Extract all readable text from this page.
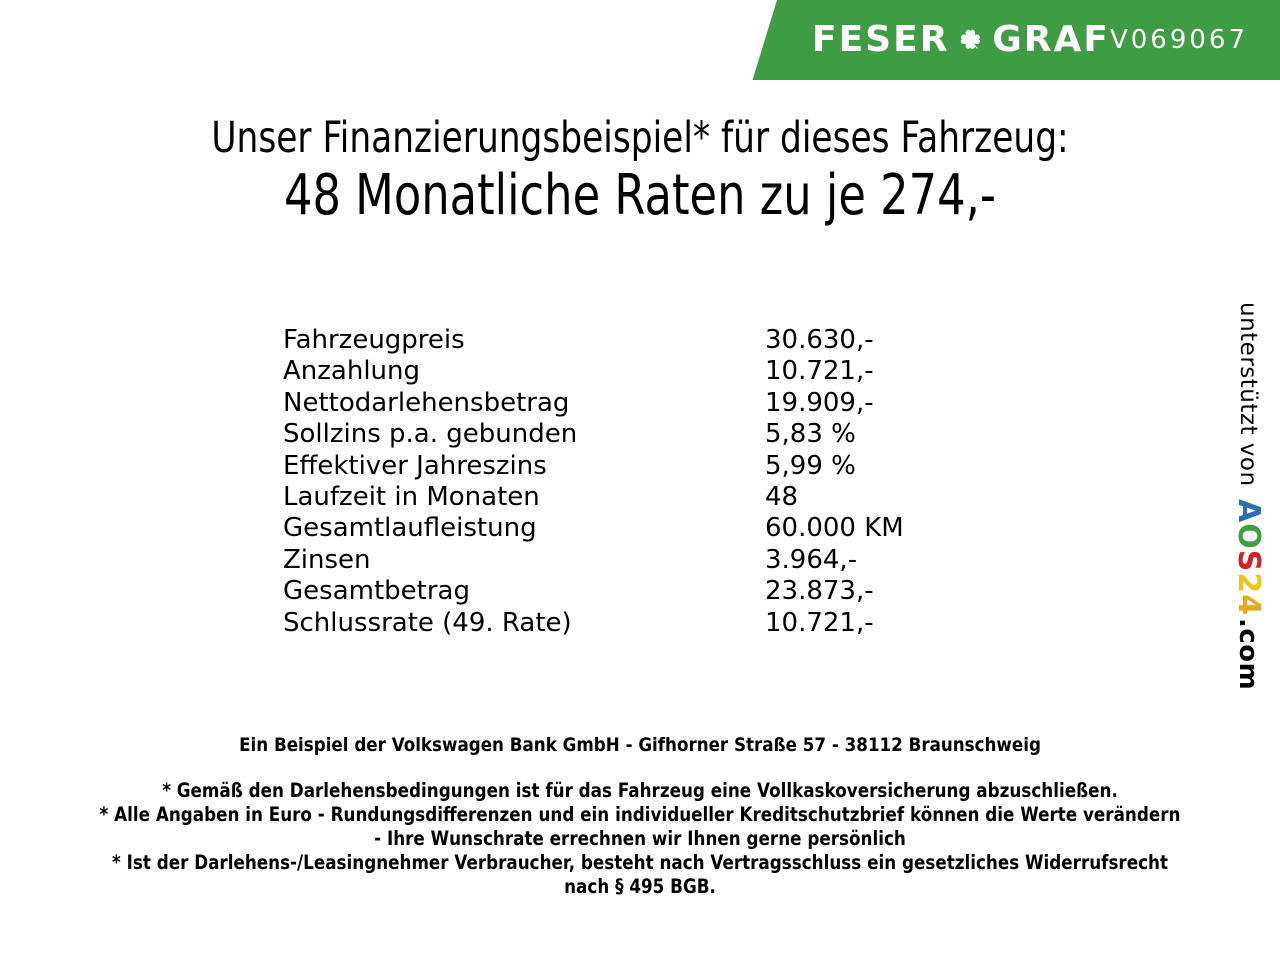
FESER GRAF V069067
Unser Finanzierungsbeispiel* für dieses Fahrzeug:
48 Monatliche Raten zu je 274,-
Fahrzeugpreis	30.630,-
Anzahlung	10.721,-
Nettodarlehensbetrag	19.909,-
Sollzins p.a. gebunden	5,83 %
Effektiver Jahreszins	5,99 %
Laufzeit in Monaten	48
Gesamtlaufleistung	60.000 KM
Zinsen	3.964,-
Gesamtbetrag	23.873,-
Schlussrate (49. Rate)	10.721,-
unterstützt vonAOS24.com
Ein Beispiel der Volkswagen Bank GmbH - Gifhorner Straße 57 - 38112 Braunschweig
* Gemäß den Darlehensbedingungen ist für das Fahrzeug eine Vollkaskoversicherung abzuschließen.
* Alle Angaben in Euro - Rundungsdifferenzen und ein individueller Kreditschutzbrief können die Werte verändern
- Ihre Wunschrate errechnen wir Ihnen gerne persönlich
* Ist der Darlehens-/Leasingnehmer Verbraucher, besteht nach Vertragsschluss ein gesetzliches Widerrufsrecht
nach § 495 BGB.
